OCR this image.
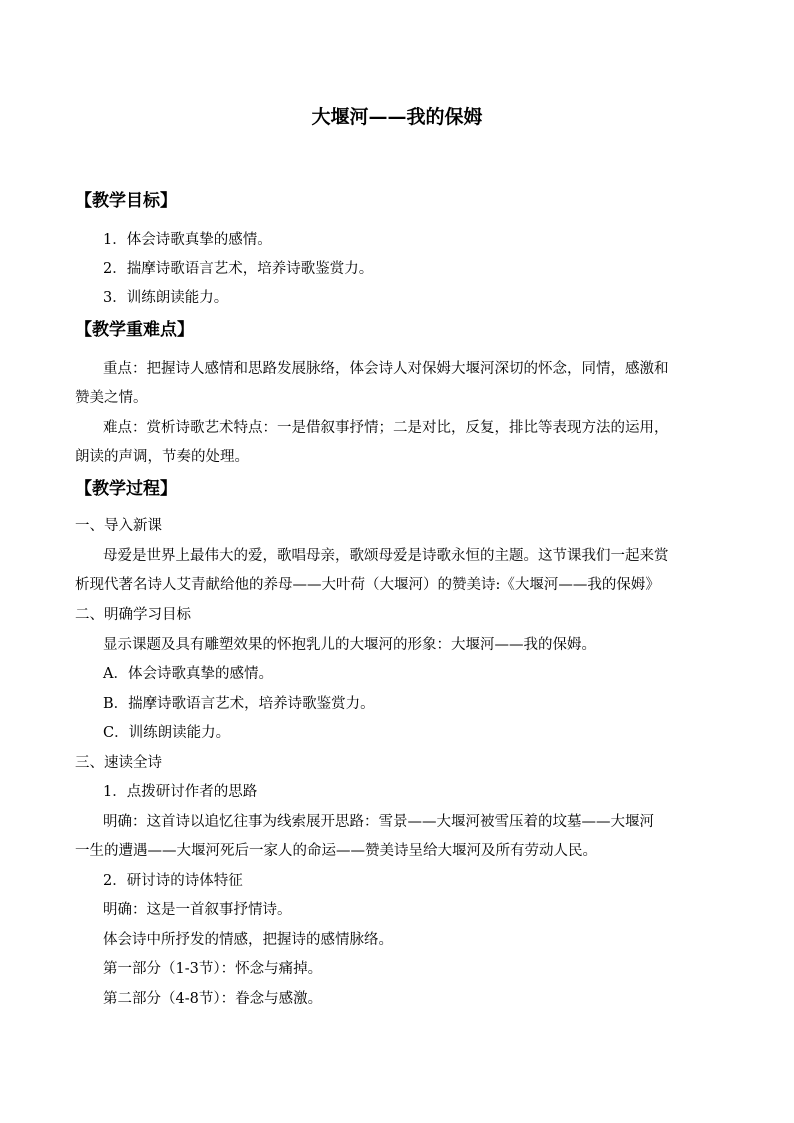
大堰河——我的保姆
【教学目标】
1．体会诗歌真挚的感情。
2．揣摩诗歌语言艺术，培养诗歌鉴赏力。
3．训练朗读能力。
【教学重难点】
重点：把握诗人感情和思路发展脉络，体会诗人对保姆大堰河深切的怀念，同情，感激和
赞美之情。
难点：赏析诗歌艺术特点：一是借叙事抒情；二是对比，反复，排比等表现方法的运用，
朗读的声调，节奏的处理。
【教学过程】
一、导入新课
母爱是世界上最伟大的爱，歌唱母亲，歌颂母爱是诗歌永恒的主题。这节课我们一起来赏
析现代著名诗人艾青献给他的养母——大叶荷（大堰河）的赞美诗:《大堰河——我的保姆》
二、明确学习目标
显示课题及具有雕塑效果的怀抱乳儿的大堰河的形象：大堰河——我的保姆。
A．体会诗歌真挚的感情。
B．揣摩诗歌语言艺术，培养诗歌鉴赏力。
C．训练朗读能力。
三、速读全诗
1．点拨研讨作者的思路
明确：这首诗以追忆往事为线索展开思路：雪景——大堰河被雪压着的坟墓——大堰河
一生的遭遇——大堰河死后一家人的命运——赞美诗呈给大堰河及所有劳动人民。
2．研讨诗的诗体特征
明确：这是一首叙事抒情诗。
体会诗中所抒发的情感，把握诗的感情脉络。
第一部分（1-3节）：怀念与痛掉。
第二部分（4-8节）：眷念与感激。
